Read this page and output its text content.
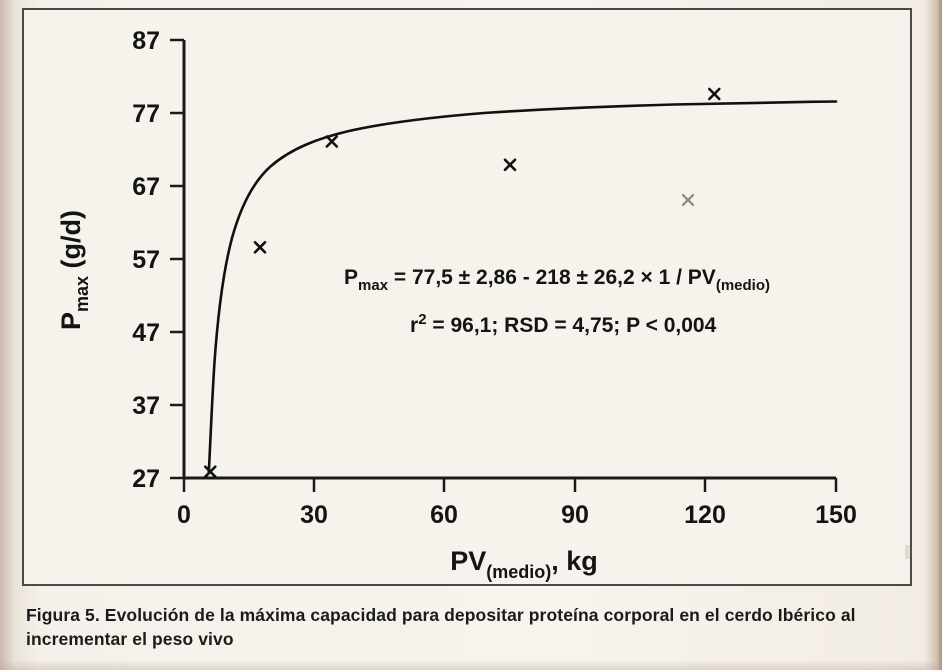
27
37
47
57
67
77
87
0	30	60	90	120	150
$P_{max}$ (g/d)
$PV_{(medio)}$, kg
$P_{max} = 77,5 \pm 2,86 - 218 \pm 26,2 \times 1 / PV_{(medio)}$
$r^2 = 96,1$; RSD = 4,75; P < 0,004
Figura 5. Evolución de la máxima capacidad para depositar proteína corporal en el cerdo Ibérico al incrementar el peso vivo
